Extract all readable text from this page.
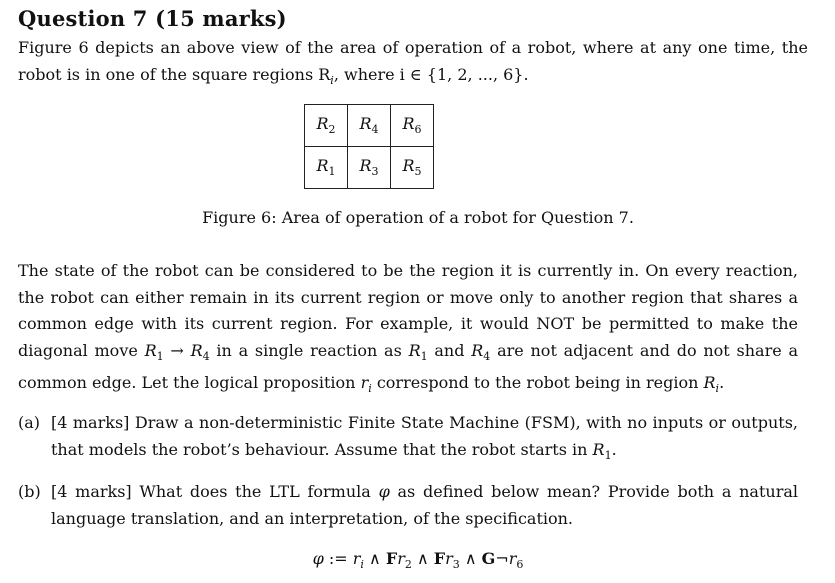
Question 7 (15 marks)
Figure 6 depicts an above view of the area of operation of a robot, where at any one time, the robot is in one of the square regions $R_i$, where i ∈ {1, 2, ..., 6}.
$R_2$	$R_4$	$R_6$
$R_1$	$R_3$	$R_5$
Figure 6: Area of operation of a robot for Question 7.
The state of the robot can be considered to be the region it is currently in. On every reaction, the robot can either remain in its current region or move only to another region that shares a common edge with its current region. For example, it would NOT be permitted to make the diagonal move $R_1 \to R_4$ in a single reaction as $R_1$ and $R_4$ are not adjacent and do not share a common edge. Let the logical proposition $r_i$ correspond to the robot being in region $R_i$.
(a) [4 marks] Draw a non-deterministic Finite State Machine (FSM), with no inputs or outputs, that models the robot’s behaviour. Assume that the robot starts in $R_1$.
(b) [4 marks] What does the LTL formula φ as defined below mean? Provide both a natural language translation, and an interpretation, of the specification.
φ := $r_i$ ∧ $Fr_2$ ∧ $Fr_3$ ∧ $G\neg r_6$
